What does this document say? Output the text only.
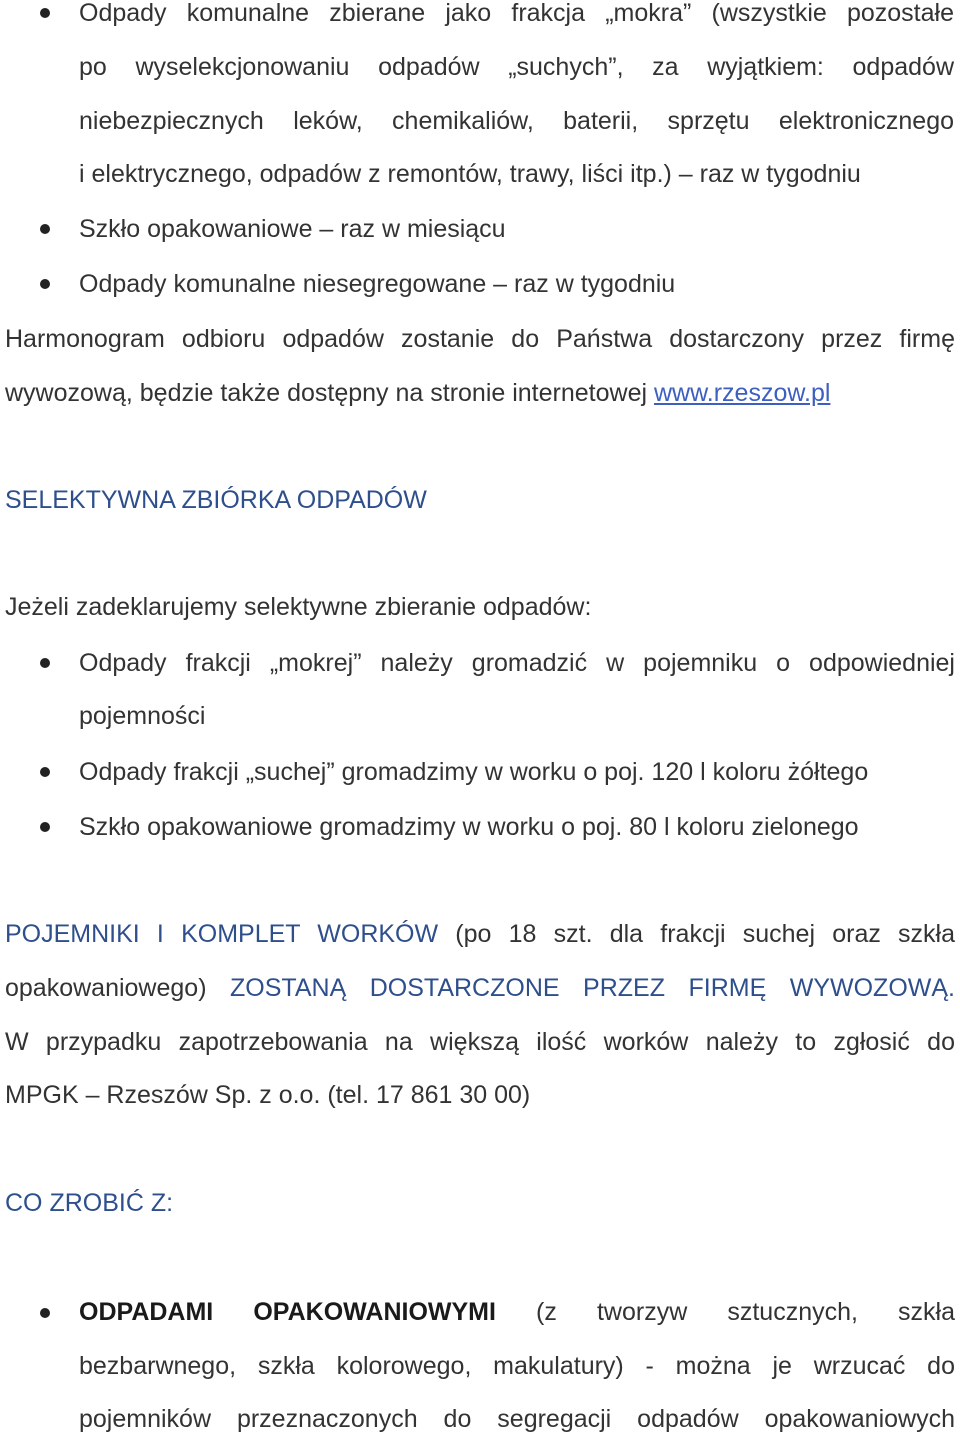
Odpady komunalne zbierane jako frakcja „mokra” (wszystkie pozostałe
po wyselekcjonowaniu odpadów „suchych”, za wyjątkiem: odpadów
niebezpiecznych leków, chemikaliów, baterii, sprzętu elektronicznego
i elektrycznego, odpadów z remontów, trawy, liści itp.) – raz w tygodniu
Szkło opakowaniowe – raz w miesiącu
Odpady komunalne niesegregowane – raz w tygodniu
Harmonogram odbioru odpadów zostanie do Państwa dostarczony przez firmę
wywozową, będzie także dostępny na stronie internetowej www.rzeszow.pl
SELEKTYWNA ZBIÓRKA ODPADÓW
Jeżeli zadeklarujemy selektywne zbieranie odpadów:
Odpady frakcji „mokrej” należy gromadzić w pojemniku o odpowiedniej
pojemności
Odpady frakcji „suchej” gromadzimy w worku o poj. 120 l koloru żółtego
Szkło opakowaniowe gromadzimy w worku o poj. 80 l koloru zielonego
POJEMNIKI I KOMPLET WORKÓW (po 18 szt. dla frakcji suchej oraz szkła
opakowaniowego) ZOSTANĄ DOSTARCZONE PRZEZ FIRMĘ WYWOZOWĄ.
W przypadku zapotrzebowania na większą ilość worków należy to zgłosić do
MPGK – Rzeszów Sp. z o.o. (tel. 17 861 30 00)
CO ZROBIĆ Z:
ODPADAMI OPAKOWANIOWYMI (z tworzyw sztucznych, szkła
bezbarwnego, szkła kolorowego, makulatury) - można je wrzucać do
pojemników przeznaczonych do segregacji odpadów opakowaniowych
